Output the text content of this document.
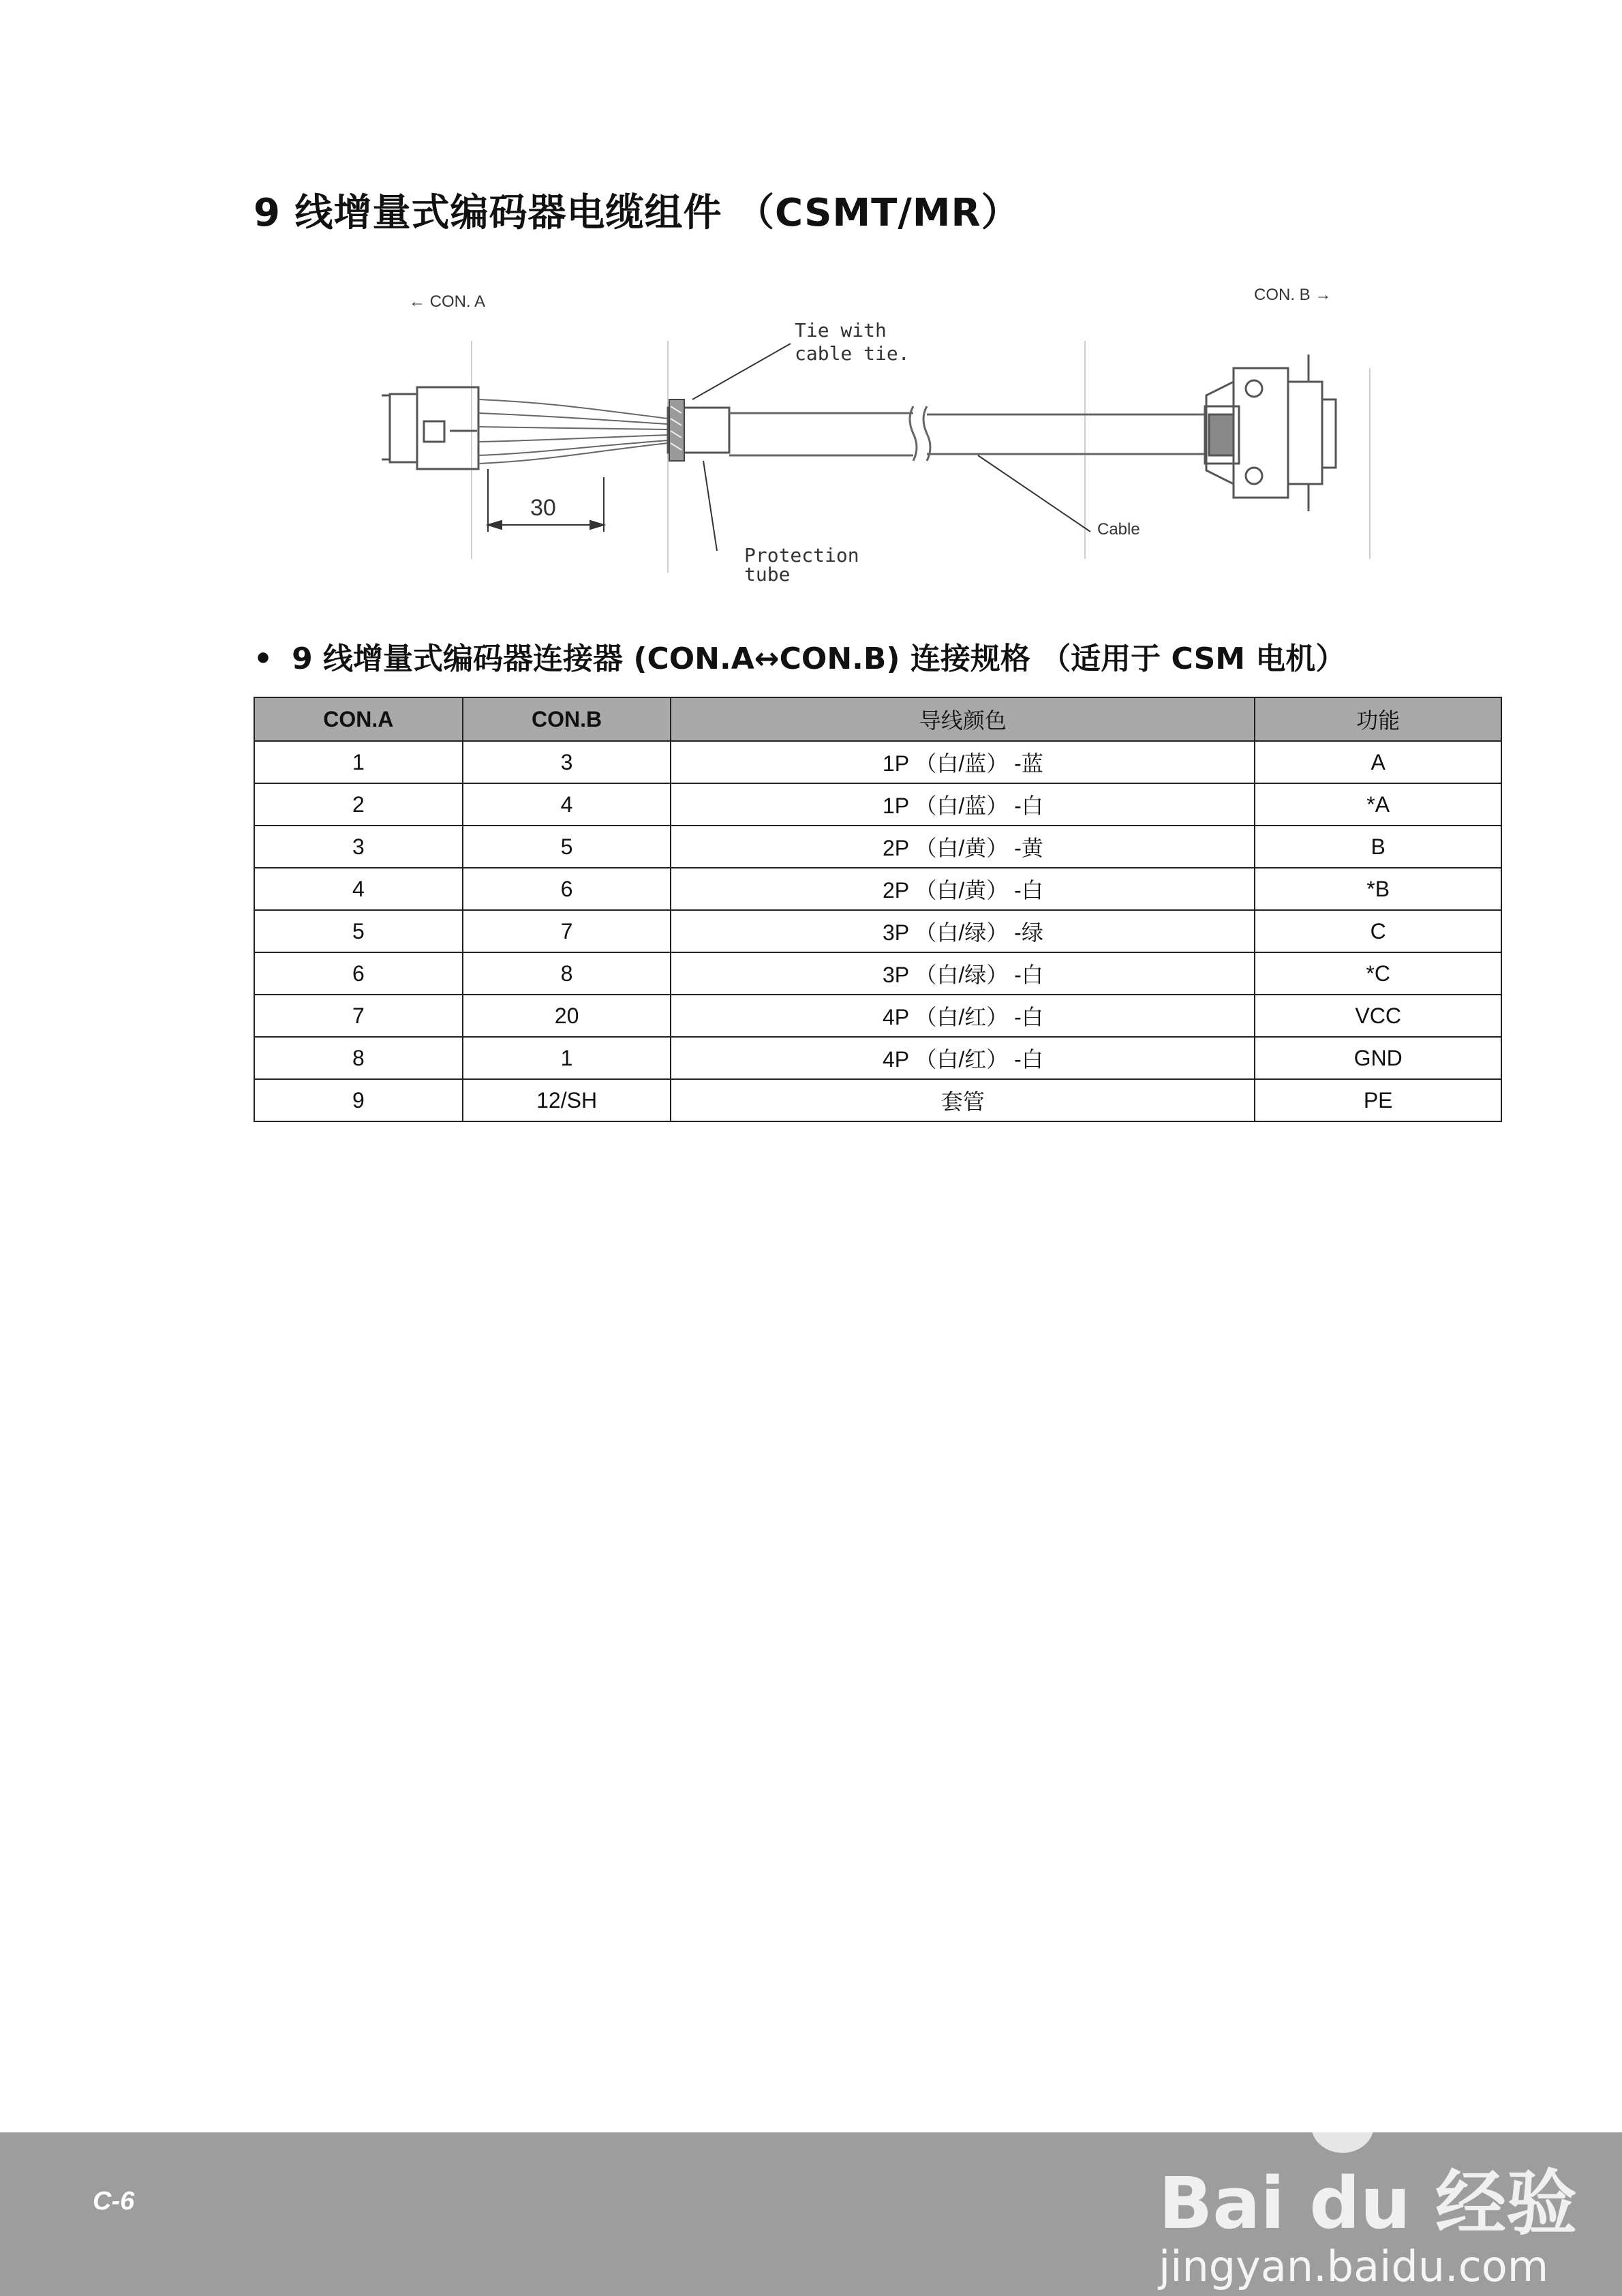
9 线增量式编码器电缆组件 （CSMT/MR）
← CON. A	CON. B →
Tie with
cable tie.
Protection
tube
Cable
30
• 9 线增量式编码器连接器 (CON.A↔CON.B) 连接规格 （适用于 CSM 电机）
CON.A	CON.B	导线颜色	功能
1	3	1P （白/蓝） -蓝	A
2	4	1P （白/蓝） -白	*A
3	5	2P （白/黄） -黄	B
4	6	2P （白/黄） -白	*B
5	7	3P （白/绿） -绿	C
6	8	3P （白/绿） -白	*C
7	20	4P （白/红） -白	VCC
8	1	4P （白/红） -白	GND
9	12/SH	套管	PE
C-6	Bai du 经验
jingyan.baidu.com
